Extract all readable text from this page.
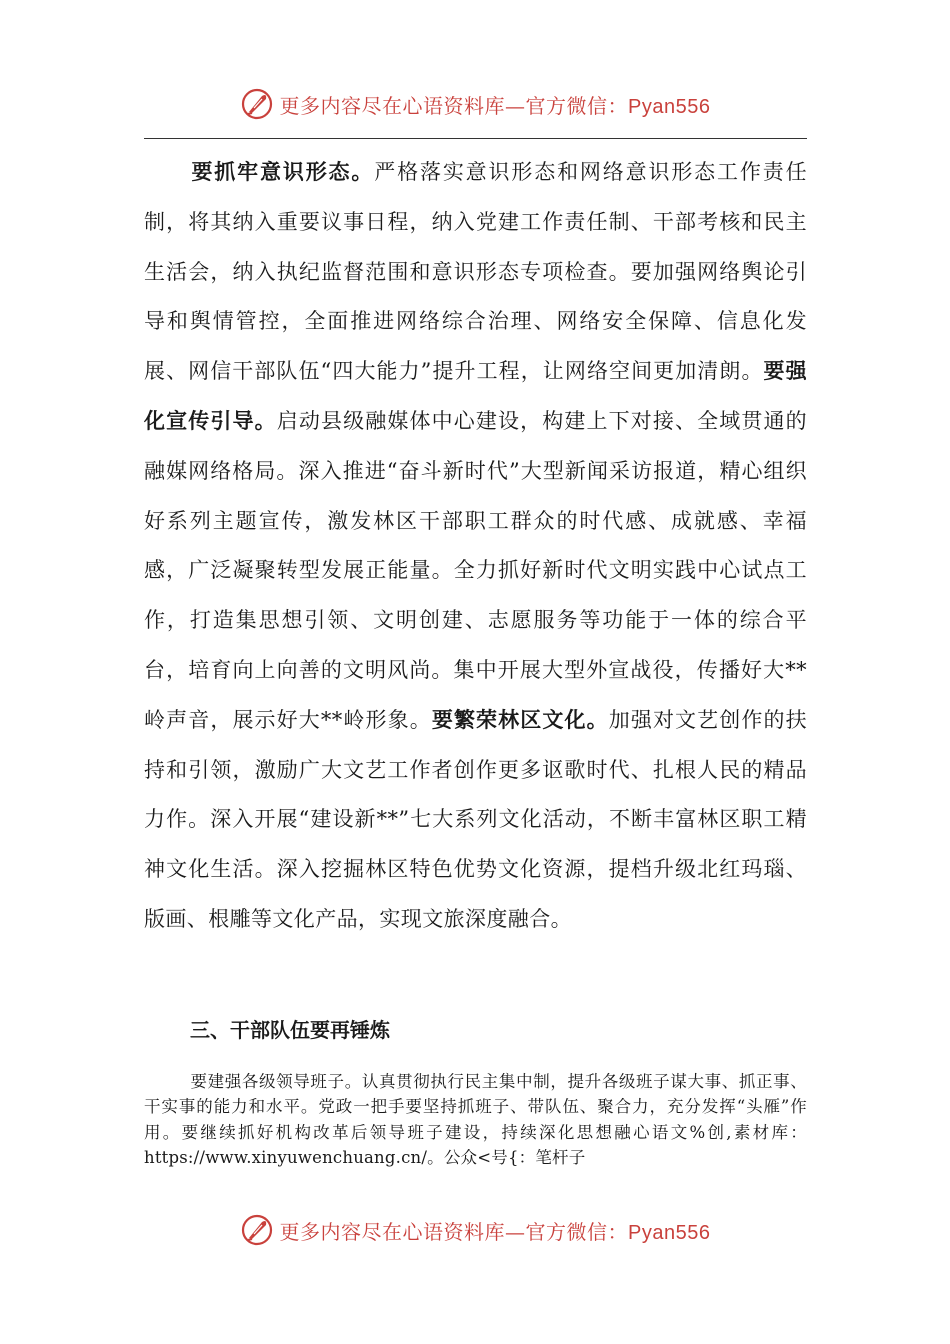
更多内容尽在心语资料库—官方微信：Pyan556

要抓牢意识形态。严格落实意识形态和网络意识形态工作责任制，将其纳入重要议事日程，纳入党建工作责任制、干部考核和民主生活会，纳入执纪监督范围和意识形态专项检查。要加强网络舆论引导和舆情管控，全面推进网络综合治理、网络安全保障、信息化发展、网信干部队伍“四大能力”提升工程，让网络空间更加清朗。要强化宣传引导。启动县级融媒体中心建设，构建上下对接、全域贯通的融媒网络格局。深入推进“奋斗新时代”大型新闻采访报道，精心组织好系列主题宣传，激发林区干部职工群众的时代感、成就感、幸福感，广泛凝聚转型发展正能量。全力抓好新时代文明实践中心试点工作，打造集思想引领、文明创建、志愿服务等功能于一体的综合平台，培育向上向善的文明风尚。集中开展大型外宣战役，传播好大**岭声音，展示好大**岭形象。要繁荣林区文化。加强对文艺创作的扶持和引领，激励广大文艺工作者创作更多讴歌时代、扎根人民的精品力作。深入开展“建设新**”七大系列文化活动，不断丰富林区职工精神文化生活。深入挖掘林区特色优势文化资源，提档升级北红玛瑙、版画、根雕等文化产品，实现文旅深度融合。

三、干部队伍要再锤炼

要建强各级领导班子。认真贯彻执行民主集中制，提升各级班子谋大事、抓正事、干实事的能力和水平。党政一把手要坚持抓班子、带队伍、聚合力，充分发挥“头雁”作用。要继续抓好机构改革后领导班子建设，持续深化思想融心语文%创,素材库：https://www.xinyuwenchuang.cn/。公众<号{：笔杆子

更多内容尽在心语资料库—官方微信：Pyan556
